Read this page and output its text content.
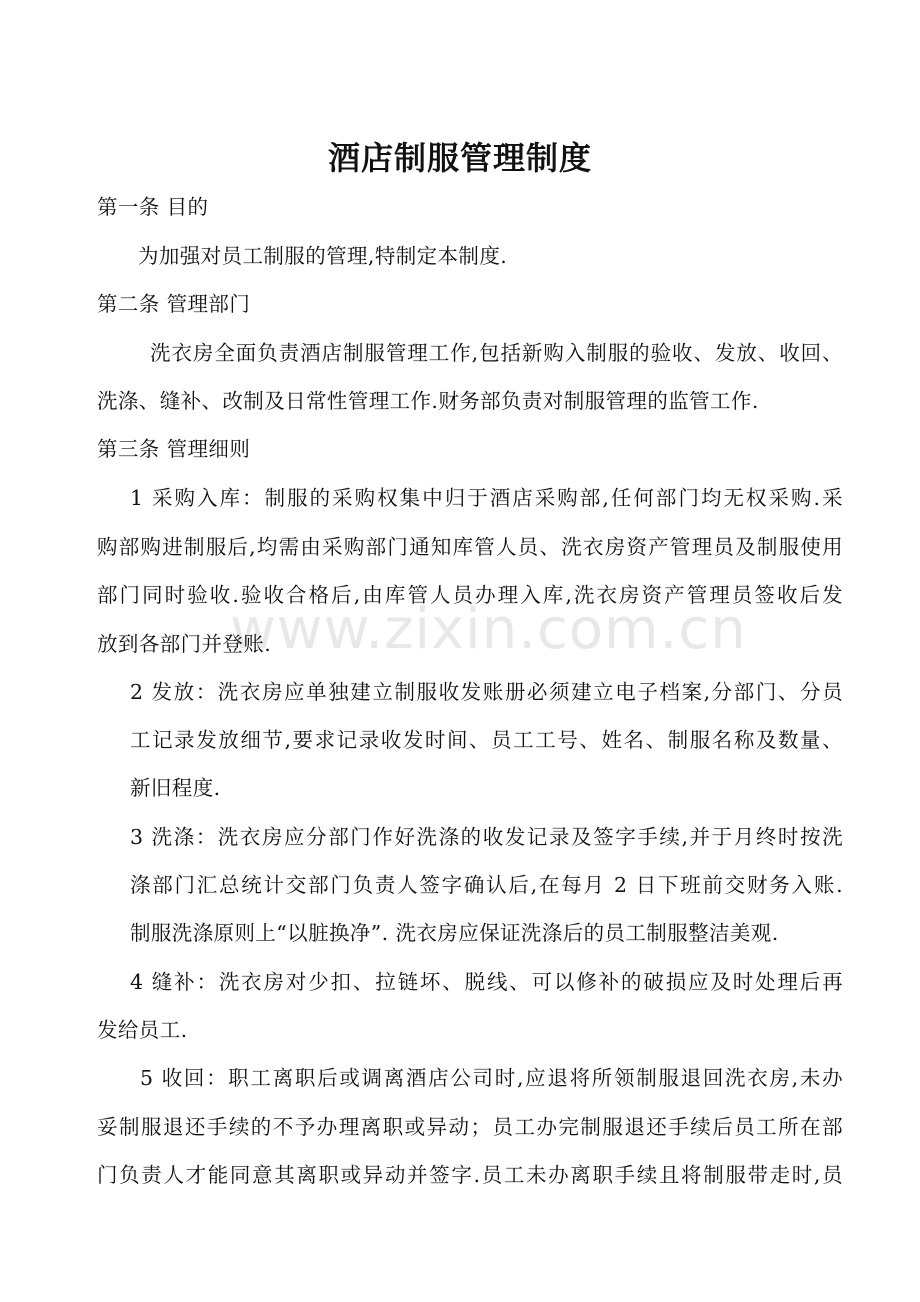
酒店制服管理制度
第一条 目的
为加强对员工制服的管理,特制定本制度.
第二条 管理部门
洗衣房全面负责酒店制服管理工作,包括新购入制服的验收、发放、收回、
洗涤、缝补、改制及日常性管理工作.财务部负责对制服管理的监管工作.
第三条 管理细则
1 采购入库：制服的采购权集中归于酒店采购部,任何部门均无权采购.采
购部购进制服后,均需由采购部门通知库管人员、洗衣房资产管理员及制服使用
部门同时验收.验收合格后,由库管人员办理入库,洗衣房资产管理员签收后发
放到各部门并登账.
2 发放：洗衣房应单独建立制服收发账册必须建立电子档案,分部门、分员
工记录发放细节,要求记录收发时间、员工工号、姓名、制服名称及数量、
新旧程度.
3 洗涤：洗衣房应分部门作好洗涤的收发记录及签字手续,并于月终时按洗
涤部门汇总统计交部门负责人签字确认后,在每月 2 日下班前交财务入账.
制服洗涤原则上“以脏换净”. 洗衣房应保证洗涤后的员工制服整洁美观.
4 缝补：洗衣房对少扣、拉链坏、脱线、可以修补的破损应及时处理后再
发给员工.
5 收回：职工离职后或调离酒店公司时,应退将所领制服退回洗衣房,未办
妥制服退还手续的不予办理离职或异动；员工办完制服退还手续后员工所在部
门负责人才能同意其离职或异动并签字.员工未办离职手续且将制服带走时,员
www.zixin.com.cn
